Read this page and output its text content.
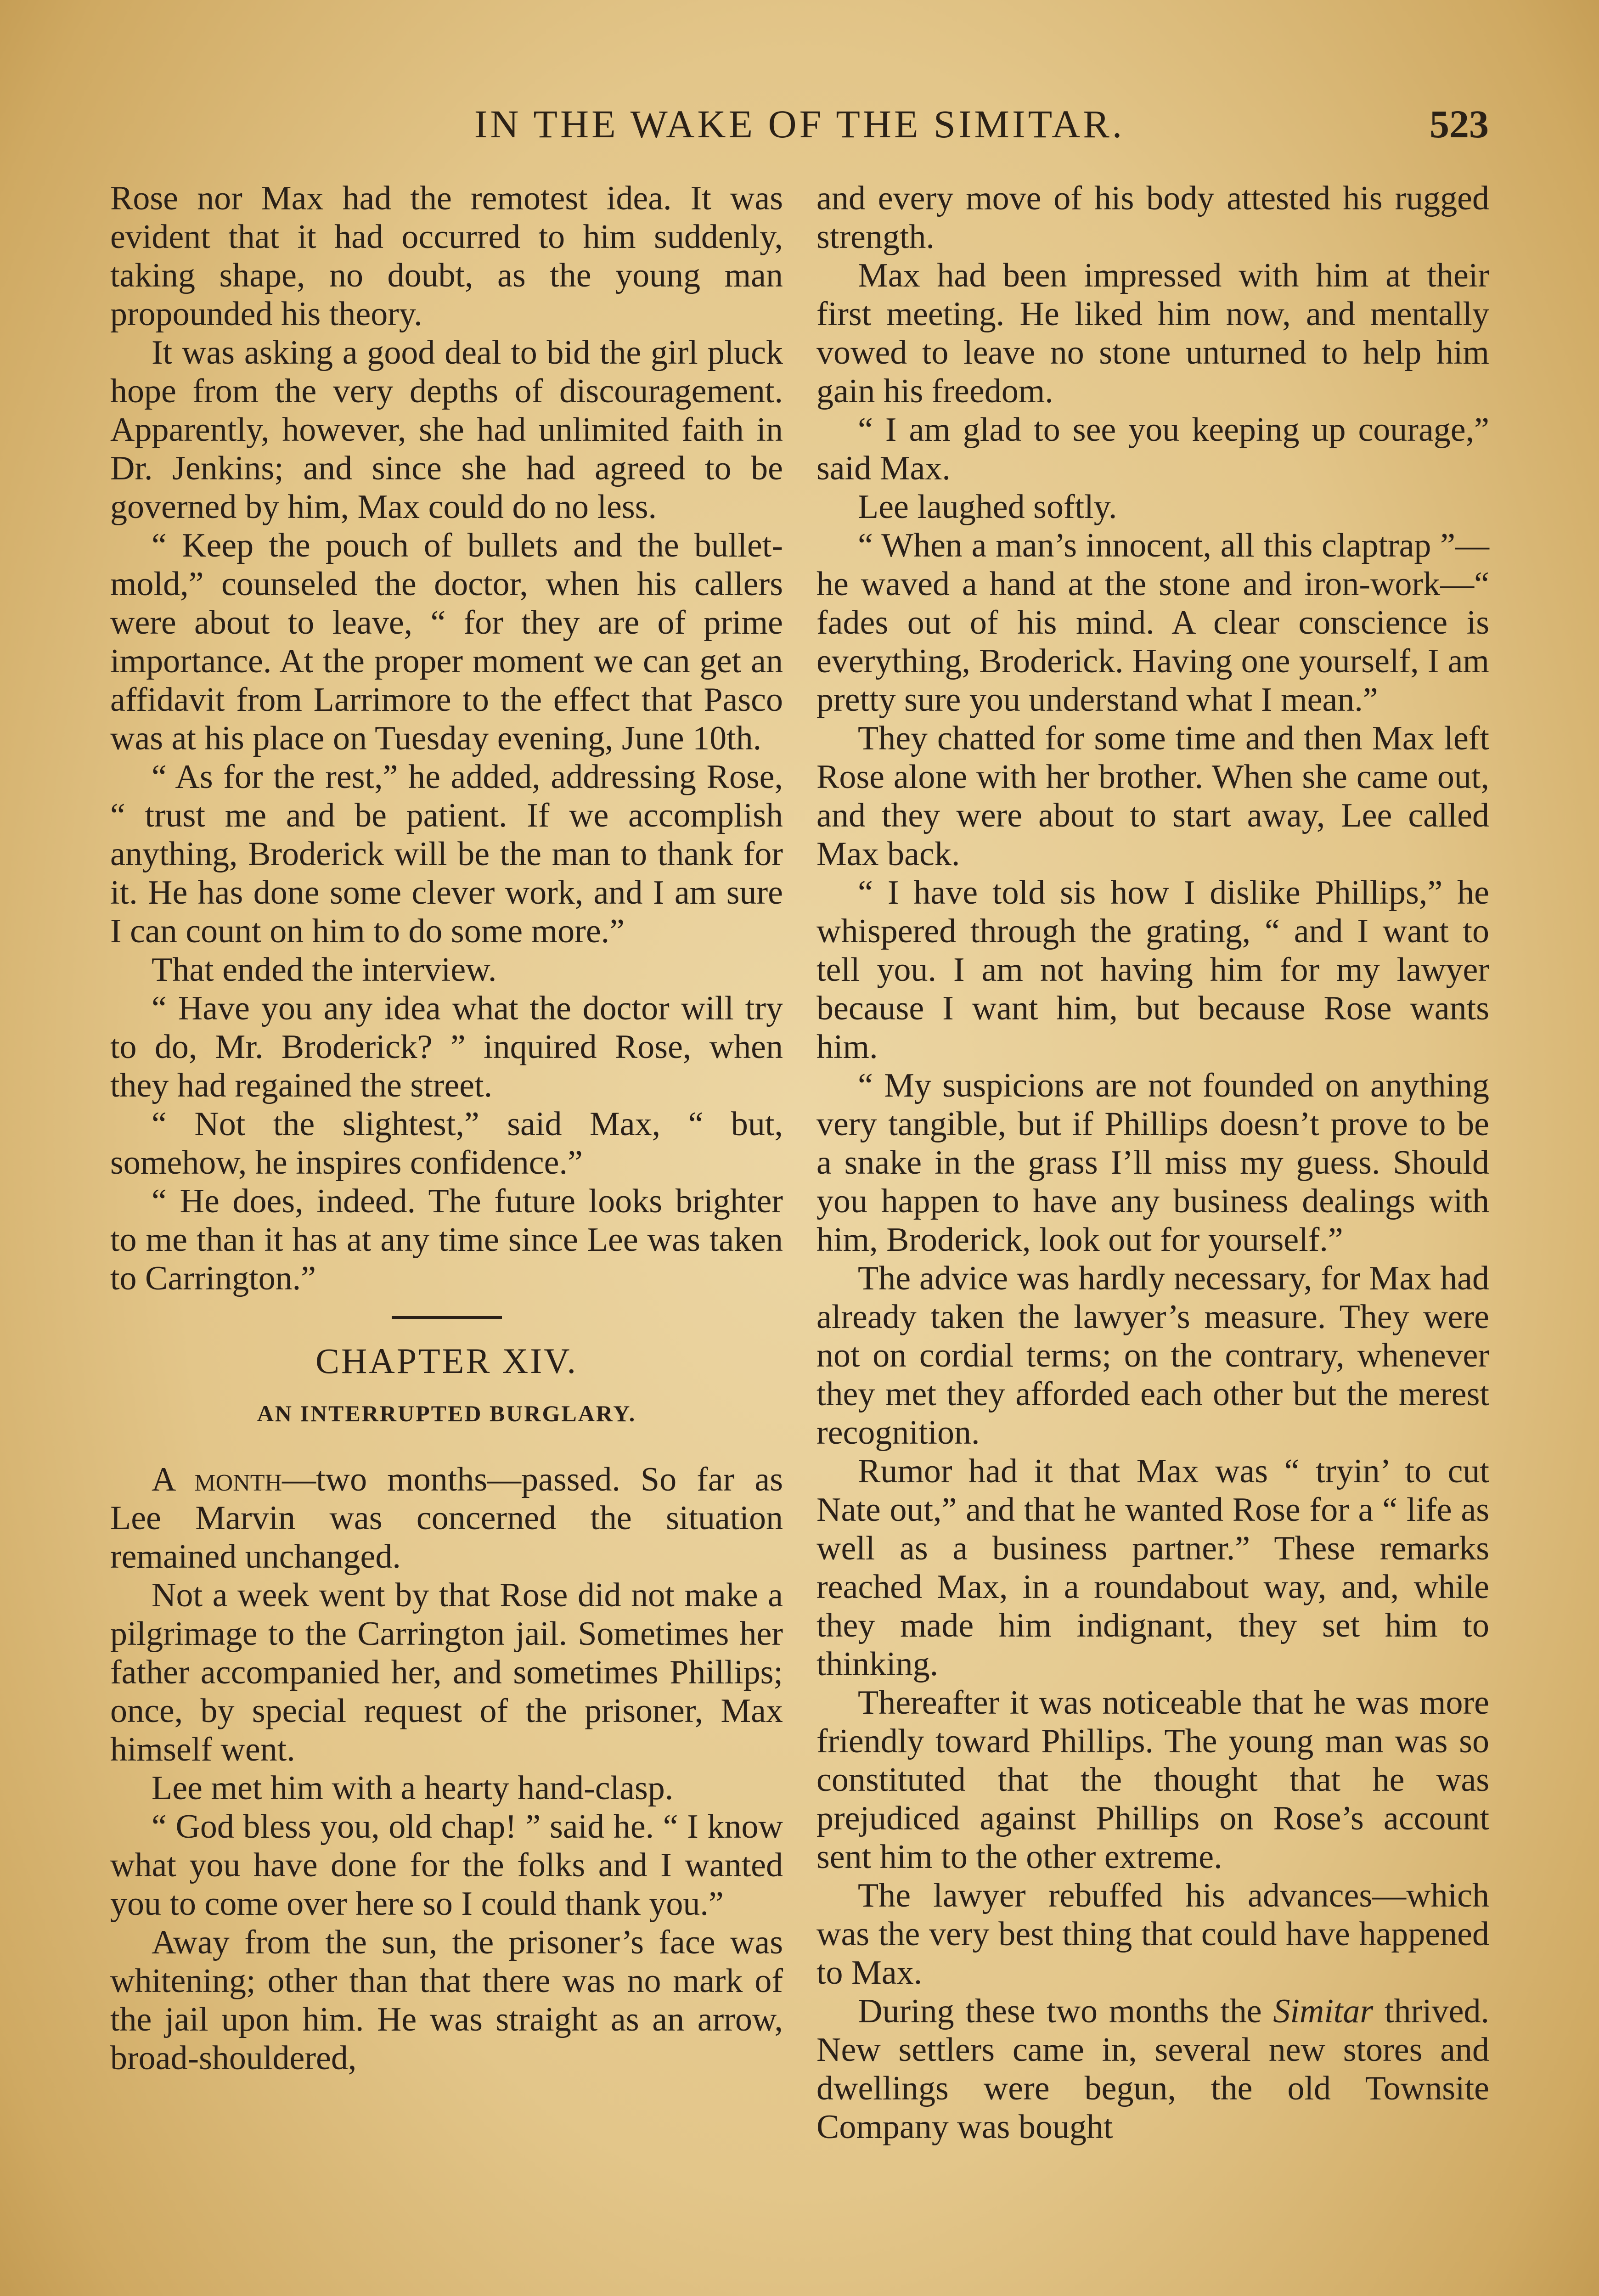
IN THE WAKE OF THE SIMITAR.	523

Rose nor Max had the remotest idea. It was evident that it had occurred to him suddenly, taking shape, no doubt, as the young man propounded his theory.

It was asking a good deal to bid the girl pluck hope from the very depths of discouragement. Apparently, however, she had unlimited faith in Dr. Jenkins; and since she had agreed to be governed by him, Max could do no less.

“ Keep the pouch of bullets and the bullet-mold,” counseled the doctor, when his callers were about to leave, “ for they are of prime importance. At the proper moment we can get an affidavit from Larrimore to the effect that Pasco was at his place on Tuesday evening, June 10th.

“ As for the rest,” he added, addressing Rose, “ trust me and be patient. If we accomplish anything, Broderick will be the man to thank for it. He has done some clever work, and I am sure I can count on him to do some more.”

That ended the interview.

“ Have you any idea what the doctor will try to do, Mr. Broderick? ” inquired Rose, when they had regained the street.

“ Not the slightest,” said Max, “ but, somehow, he inspires confidence.”

“ He does, indeed. The future looks brighter to me than it has at any time since Lee was taken to Carrington.”

CHAPTER XIV.
AN INTERRUPTED BURGLARY.

A month—two months—passed. So far as Lee Marvin was concerned the situation remained unchanged.

Not a week went by that Rose did not make a pilgrimage to the Carrington jail. Sometimes her father accompanied her, and sometimes Phillips; once, by special request of the prisoner, Max himself went.

Lee met him with a hearty hand-clasp.

“ God bless you, old chap! ” said he. “ I know what you have done for the folks and I wanted you to come over here so I could thank you.”

Away from the sun, the prisoner’s face was whitening; other than that there was no mark of the jail upon him. He was straight as an arrow, broad-shouldered,

and every move of his body attested his rugged strength.

Max had been impressed with him at their first meeting. He liked him now, and mentally vowed to leave no stone unturned to help him gain his freedom.

“ I am glad to see you keeping up courage,” said Max.

Lee laughed softly.

“ When a man’s innocent, all this claptrap ”—he waved a hand at the stone and iron-work—“ fades out of his mind. A clear conscience is everything, Broderick. Having one yourself, I am pretty sure you understand what I mean.”

They chatted for some time and then Max left Rose alone with her brother. When she came out, and they were about to start away, Lee called Max back.

“ I have told sis how I dislike Phillips,” he whispered through the grating, “ and I want to tell you. I am not having him for my lawyer because I want him, but because Rose wants him.

“ My suspicions are not founded on anything very tangible, but if Phillips doesn’t prove to be a snake in the grass I’ll miss my guess. Should you happen to have any business dealings with him, Broderick, look out for yourself.”

The advice was hardly necessary, for Max had already taken the lawyer’s measure. They were not on cordial terms; on the contrary, whenever they met they afforded each other but the merest recognition.

Rumor had it that Max was “ tryin’ to cut Nate out,” and that he wanted Rose for a “ life as well as a business partner.” These remarks reached Max, in a roundabout way, and, while they made him indignant, they set him to thinking.

Thereafter it was noticeable that he was more friendly toward Phillips. The young man was so constituted that the thought that he was prejudiced against Phillips on Rose’s account sent him to the other extreme.

The lawyer rebuffed his advances—which was the very best thing that could have happened to Max.

During these two months the Simitar thrived. New settlers came in, several new stores and dwellings were begun, the old Townsite Company was bought
